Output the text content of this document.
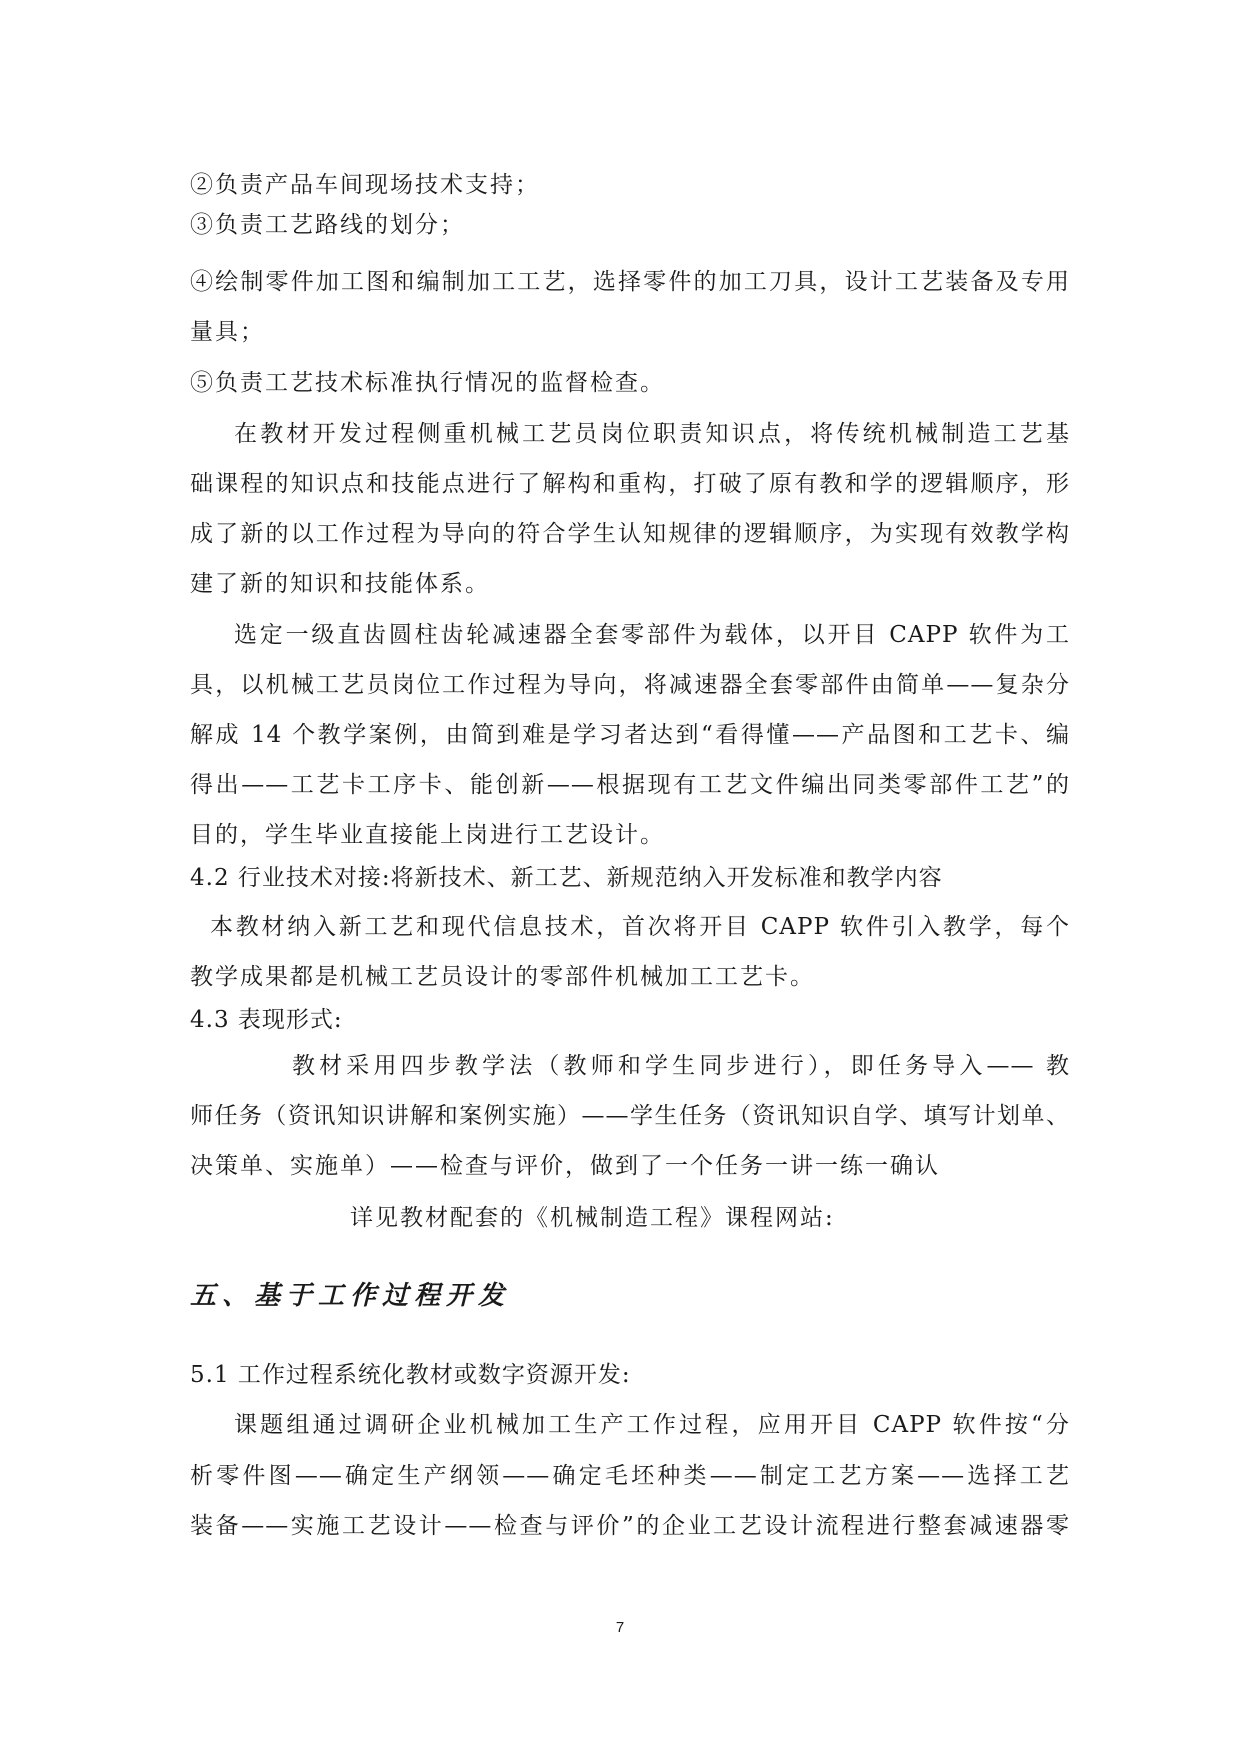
②负责产品车间现场技术支持；
③负责工艺路线的划分；
④绘制零件加工图和编制加工工艺，选择零件的加工刀具，设计工艺装备及专用
量具；
⑤负责工艺技术标准执行情况的监督检查。
在教材开发过程侧重机械工艺员岗位职责知识点，将传统机械制造工艺基
础课程的知识点和技能点进行了解构和重构，打破了原有教和学的逻辑顺序，形
成了新的以工作过程为导向的符合学生认知规律的逻辑顺序，为实现有效教学构
建了新的知识和技能体系。
选定一级直齿圆柱齿轮减速器全套零部件为载体，以开目 CAPP 软件为工
具，以机械工艺员岗位工作过程为导向，将减速器全套零部件由简单——复杂分
解成 14 个教学案例，由简到难是学习者达到“看得懂——产品图和工艺卡、编
得出——工艺卡工序卡、能创新——根据现有工艺文件编出同类零部件工艺”的
目的，学生毕业直接能上岗进行工艺设计。
4.2 行业技术对接:将新技术、新工艺、新规范纳入开发标准和教学内容
本教材纳入新工艺和现代信息技术，首次将开目 CAPP 软件引入教学，每个
教学成果都是机械工艺员设计的零部件机械加工工艺卡。
4.3 表现形式:
教材采用四步教学法（教师和学生同步进行），即任务导入—— 教
师任务（资讯知识讲解和案例实施）——学生任务（资讯知识自学、填写计划单、
决策单、实施单）——检查与评价，做到了一个任务一讲一练一确认
详见教材配套的《机械制造工程》课程网站:
五、基于工作过程开发
5.1 工作过程系统化教材或数字资源开发:
课题组通过调研企业机械加工生产工作过程，应用开目 CAPP 软件按“分
析零件图——确定生产纲领——确定毛坯种类——制定工艺方案——选择工艺
装备——实施工艺设计——检查与评价”的企业工艺设计流程进行整套减速器零
7
